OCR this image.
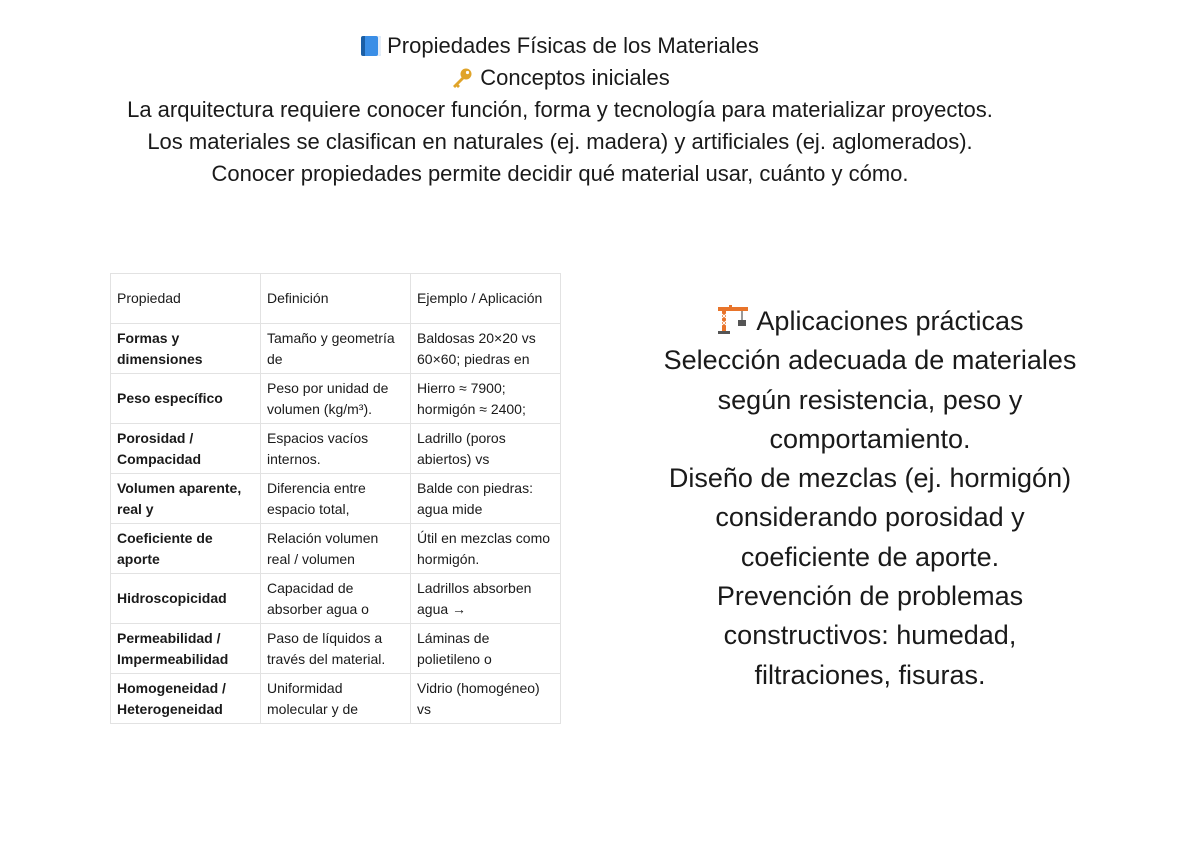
Propiedades Físicas de los Materiales
Conceptos iniciales
La arquitectura requiere conocer función, forma y tecnología para materializar proyectos.
Los materiales se clasifican en naturales (ej. madera) y artificiales (ej. aglomerados).
Conocer propiedades permite decidir qué material usar, cuánto y cómo.
Propiedad	Definición	Ejemplo / Aplicación

Formas y dimensiones	Tamaño y geometría de	Baldosas 20×20 vs 60×60; piedras en

Peso específico	Peso por unidad de volumen (kg/m³).	Hierro ≈ 7900; hormigón ≈ 2400;

Porosidad / Compacidad	Espacios vacíos internos.	Ladrillo (poros abiertos) vs

Volumen aparente, real y	Diferencia entre espacio total,	Balde con piedras: agua mide

Coeficiente de aporte	Relación volumen real / volumen	Útil en mezclas como hormigón.

Hidroscopicidad	Capacidad de absorber agua o	Ladrillos absorben agua →

Permeabilidad / Impermeabilidad	Paso de líquidos a través del material.	Láminas de polietileno o

Homogeneidad / Heterogeneidad	Uniformidad molecular y de	Vidrio (homogéneo) vs
Aplicaciones prácticas
Selección adecuada de materiales
según resistencia, peso y
comportamiento.
Diseño de mezclas (ej. hormigón)
considerando porosidad y
coeficiente de aporte.
Prevención de problemas
constructivos: humedad,
filtraciones, fisuras.
